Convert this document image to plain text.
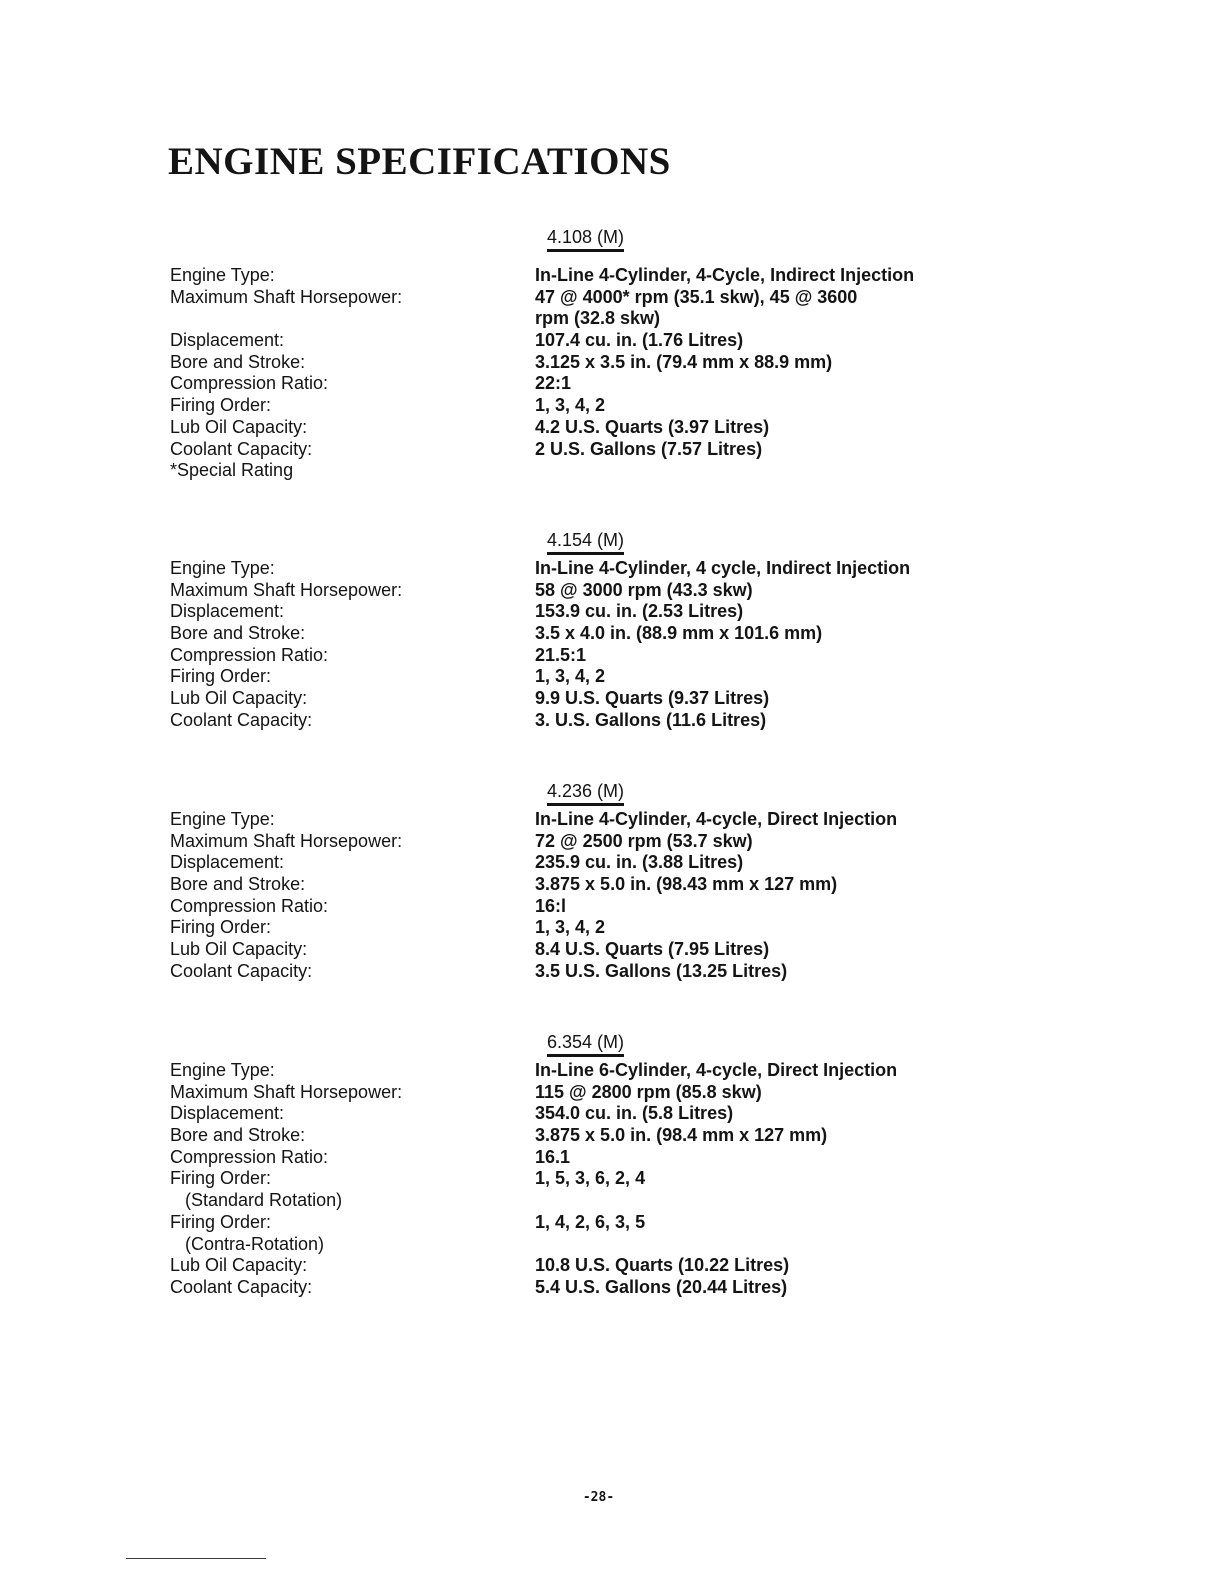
ENGINE SPECIFICATIONS
4.108 (M)
Engine Type:
Maximum Shaft Horsepower:
Displacement:
Bore and Stroke:
Compression Ratio:
Firing Order:
Lub Oil Capacity:
Coolant Capacity:
*Special Rating
In-Line 4-Cylinder, 4-Cycle, Indirect Injection
47 @ 4000* rpm (35.1 skw), 45 @ 3600
rpm (32.8 skw)
107.4 cu. in. (1.76 Litres)
3.125 x 3.5 in. (79.4 mm x 88.9 mm)
22:1
1, 3, 4, 2
4.2 U.S. Quarts (3.97 Litres)
2 U.S. Gallons (7.57 Litres)
4.154 (M)
Engine Type:
Maximum Shaft Horsepower:
Displacement:
Bore and Stroke:
Compression Ratio:
Firing Order:
Lub Oil Capacity:
Coolant Capacity:
In-Line 4-Cylinder, 4 cycle, Indirect Injection
58 @ 3000 rpm (43.3 skw)
153.9 cu. in. (2.53 Litres)
3.5 x 4.0 in. (88.9 mm x 101.6 mm)
21.5:1
1, 3, 4, 2
9.9 U.S. Quarts (9.37 Litres)
3. U.S. Gallons (11.6 Litres)
4.236 (M)
Engine Type:
Maximum Shaft Horsepower:
Displacement:
Bore and Stroke:
Compression Ratio:
Firing Order:
Lub Oil Capacity:
Coolant Capacity:
In-Line 4-Cylinder, 4-cycle, Direct Injection
72 @ 2500 rpm (53.7 skw)
235.9 cu. in. (3.88 Litres)
3.875 x 5.0 in. (98.43 mm x 127 mm)
16:l
1, 3, 4, 2
8.4 U.S. Quarts (7.95 Litres)
3.5 U.S. Gallons (13.25 Litres)
6.354 (M)
Engine Type:
Maximum Shaft Horsepower:
Displacement:
Bore and Stroke:
Compression Ratio:
Firing Order:
(Standard Rotation)
Firing Order:
(Contra-Rotation)
Lub Oil Capacity:
Coolant Capacity:
In-Line 6-Cylinder, 4-cycle, Direct Injection
115 @ 2800 rpm (85.8 skw)
354.0 cu. in. (5.8 Litres)
3.875 x 5.0 in. (98.4 mm x 127 mm)
16.1
1, 5, 3, 6, 2, 4
1, 4, 2, 6, 3, 5
10.8 U.S. Quarts (10.22 Litres)
5.4 U.S. Gallons (20.44 Litres)
-28-
